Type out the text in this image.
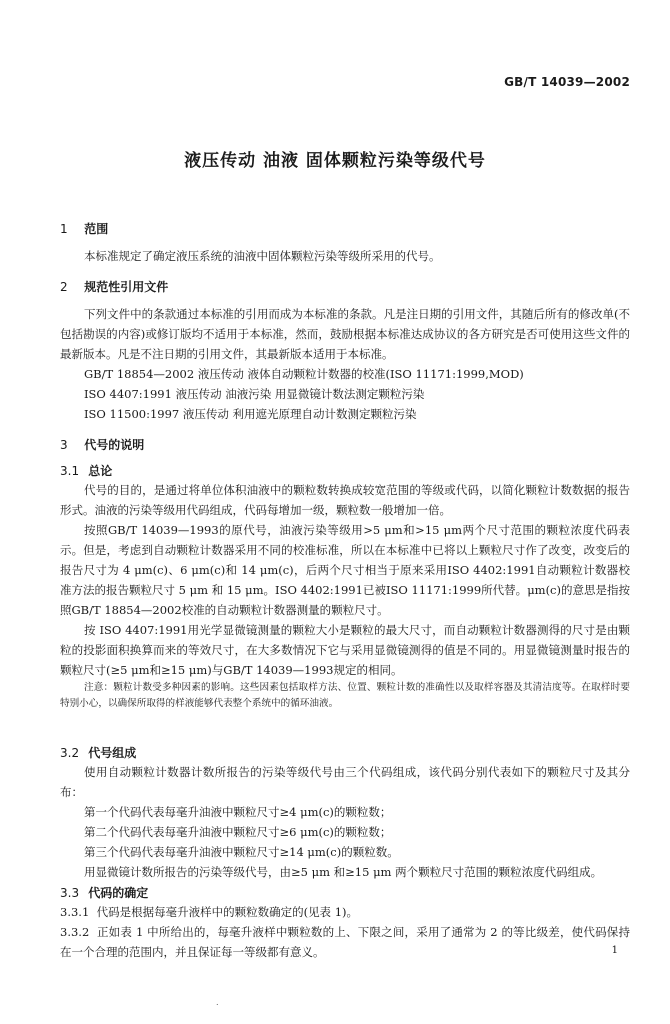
GB/T 14039—2002
液压传动 油液 固体颗粒污染等级代号
1 范围

本标准规定了确定液压系统的油液中固体颗粒污染等级所采用的代号。

2 规范性引用文件

下列文件中的条款通过本标准的引用而成为本标准的条款。凡是注日期的引用文件，其随后所有的修改单(不包括勘误的内容)或修订版均不适用于本标准，然而，鼓励根据本标准达成协议的各方研究是否可使用这些文件的最新版本。凡是不注日期的引用文件，其最新版本适用于本标准。

GB/T 18854—2002 液压传动 液体自动颗粒计数器的校准(ISO 11171:1999,MOD)

ISO 4407:1991 液压传动 油液污染 用显微镜计数法测定颗粒污染

ISO 11500:1997 液压传动 利用遮光原理自动计数测定颗粒污染

3 代号的说明
3.1 总论

代号的目的，是通过将单位体积油液中的颗粒数转换成较宽范围的等级或代码，以简化颗粒计数数据的报告形式。油液的污染等级用代码组成，代码每增加一级，颗粒数一般增加一倍。

按照GB/T 14039—1993的原代号，油液污染等级用>5 μm和>15 μm两个尺寸范围的颗粒浓度代码表示。但是，考虑到自动颗粒计数器采用不同的校准标准，所以在本标准中已将以上颗粒尺寸作了改变，改变后的报告尺寸为 4 μm(c)、6 μm(c)和 14 μm(c)，后两个尺寸相当于原来采用ISO 4402:1991自动颗粒计数器校准方法的报告颗粒尺寸 5 μm 和 15 μm。ISO 4402:1991已被ISO 11171:1999所代替。μm(c)的意思是指按照GB/T 18854—2002校准的自动颗粒计数器测量的颗粒尺寸。

按 ISO 4407:1991用光学显微镜测量的颗粒大小是颗粒的最大尺寸，而自动颗粒计数器测得的尺寸是由颗粒的投影面积换算而来的等效尺寸，在大多数情况下它与采用显微镜测得的值是不同的。用显微镜测量时报告的颗粒尺寸(≥5 μm和≥15 μm)与GB/T 14039—1993规定的相同。

注意：颗粒计数受多种因素的影响。这些因素包括取样方法、位置、颗粒计数的准确性以及取样容器及其清洁度等。在取样时要特别小心，以确保所取得的样液能够代表整个系统中的循环油液。

3.2 代号组成

使用自动颗粒计数器计数所报告的污染等级代号由三个代码组成，该代码分别代表如下的颗粒尺寸及其分布：

第一个代码代表每毫升油液中颗粒尺寸≥4 μm(c)的颗粒数；

第二个代码代表每毫升油液中颗粒尺寸≥6 μm(c)的颗粒数；

第三个代码代表每毫升油液中颗粒尺寸≥14 μm(c)的颗粒数。

用显微镜计数所报告的污染等级代号，由≥5 μm 和≥15 μm 两个颗粒尺寸范围的颗粒浓度代码组成。

3.3 代码的确定

3.3.1 代码是根据每毫升液样中的颗粒数确定的(见表 1)。

3.3.2 正如表 1 中所给出的，每毫升液样中颗粒数的上、下限之间，采用了通常为 2 的等比级差，使代码保持在一个合理的范围内，并且保证每一等级都有意义。	1
.
